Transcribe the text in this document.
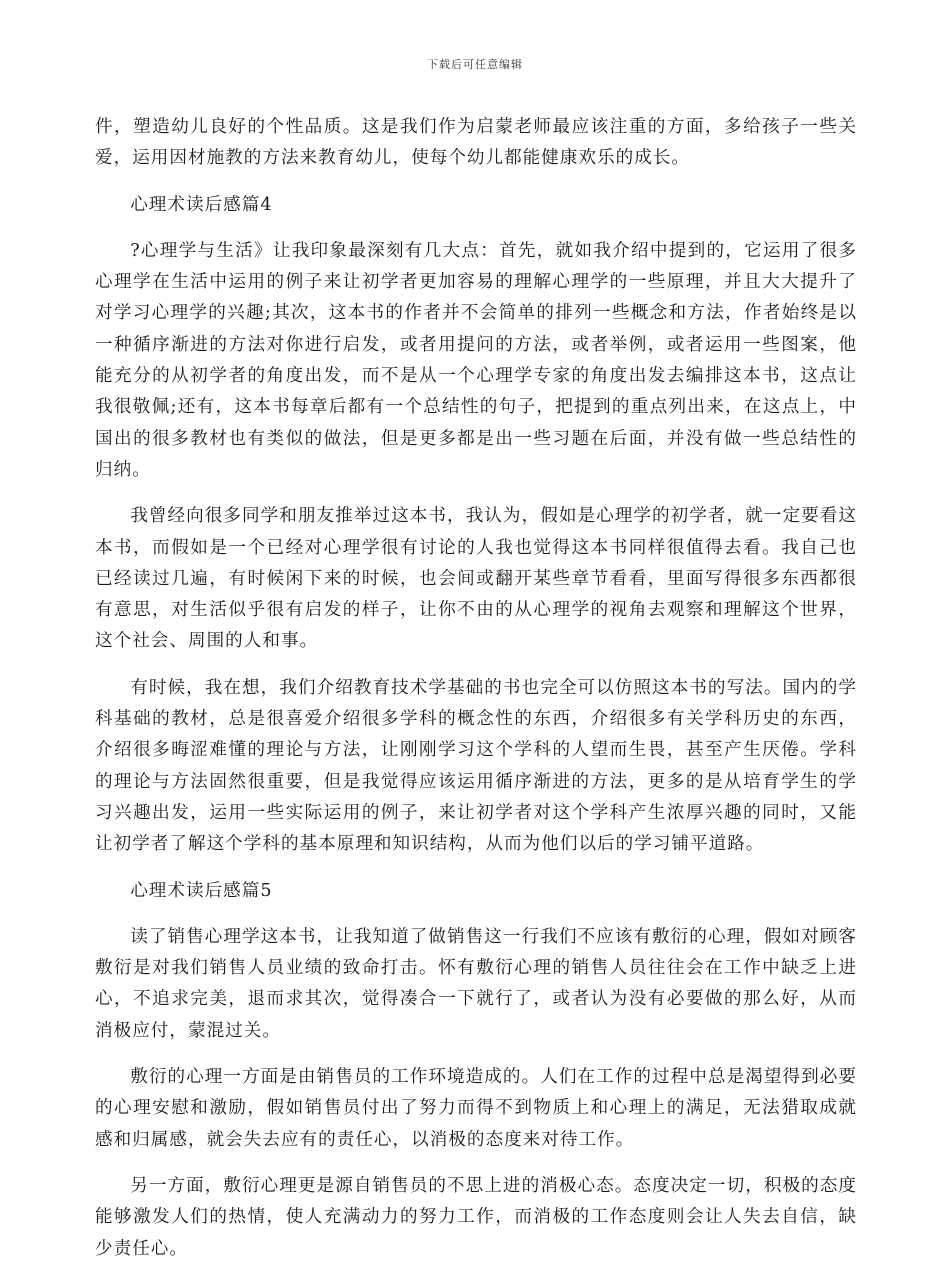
下载后可任意编辑

件，塑造幼儿良好的个性品质。这是我们作为启蒙老师最应该注重的方面，多给孩子一些关爱，运用因材施教的方法来教育幼儿，使每个幼儿都能健康欢乐的成长。

心理术读后感篇4

?心理学与生活》让我印象最深刻有几大点：首先，就如我介绍中提到的，它运用了很多心理学在生活中运用的例子来让初学者更加容易的理解心理学的一些原理，并且大大提升了对学习心理学的兴趣;其次，这本书的作者并不会简单的排列一些概念和方法，作者始终是以一种循序渐进的方法对你进行启发，或者用提问的方法，或者举例，或者运用一些图案，他能充分的从初学者的角度出发，而不是从一个心理学专家的角度出发去编排这本书，这点让我很敬佩;还有，这本书每章后都有一个总结性的句子，把提到的重点列出来，在这点上，中国出的很多教材也有类似的做法，但是更多都是出一些习题在后面，并没有做一些总结性的归纳。

我曾经向很多同学和朋友推举过这本书，我认为，假如是心理学的初学者，就一定要看这本书，而假如是一个已经对心理学很有讨论的人我也觉得这本书同样很值得去看。我自己也已经读过几遍，有时候闲下来的时候，也会间或翻开某些章节看看，里面写得很多东西都很有意思，对生活似乎很有启发的样子，让你不由的从心理学的视角去观察和理解这个世界，这个社会、周围的人和事。

有时候，我在想，我们介绍教育技术学基础的书也完全可以仿照这本书的写法。国内的学科基础的教材，总是很喜爱介绍很多学科的概念性的东西，介绍很多有关学科历史的东西，介绍很多晦涩难懂的理论与方法，让刚刚学习这个学科的人望而生畏，甚至产生厌倦。学科的理论与方法固然很重要，但是我觉得应该运用循序渐进的方法，更多的是从培育学生的学习兴趣出发，运用一些实际运用的例子，来让初学者对这个学科产生浓厚兴趣的同时，又能让初学者了解这个学科的基本原理和知识结构，从而为他们以后的学习铺平道路。

心理术读后感篇5

读了销售心理学这本书，让我知道了做销售这一行我们不应该有敷衍的心理，假如对顾客敷衍是对我们销售人员业绩的致命打击。怀有敷衍心理的销售人员往往会在工作中缺乏上进心，不追求完美，退而求其次，觉得凑合一下就行了，或者认为没有必要做的那么好，从而消极应付，蒙混过关。

敷衍的心理一方面是由销售员的工作环境造成的。人们在工作的过程中总是渴望得到必要的心理安慰和激励，假如销售员付出了努力而得不到物质上和心理上的满足，无法猎取成就感和归属感，就会失去应有的责任心，以消极的态度来对待工作。

另一方面，敷衍心理更是源自销售员的不思上进的消极心态。态度决定一切，积极的态度能够激发人们的热情，使人充满动力的努力工作，而消极的工作态度则会让人失去自信，缺少责任心。
